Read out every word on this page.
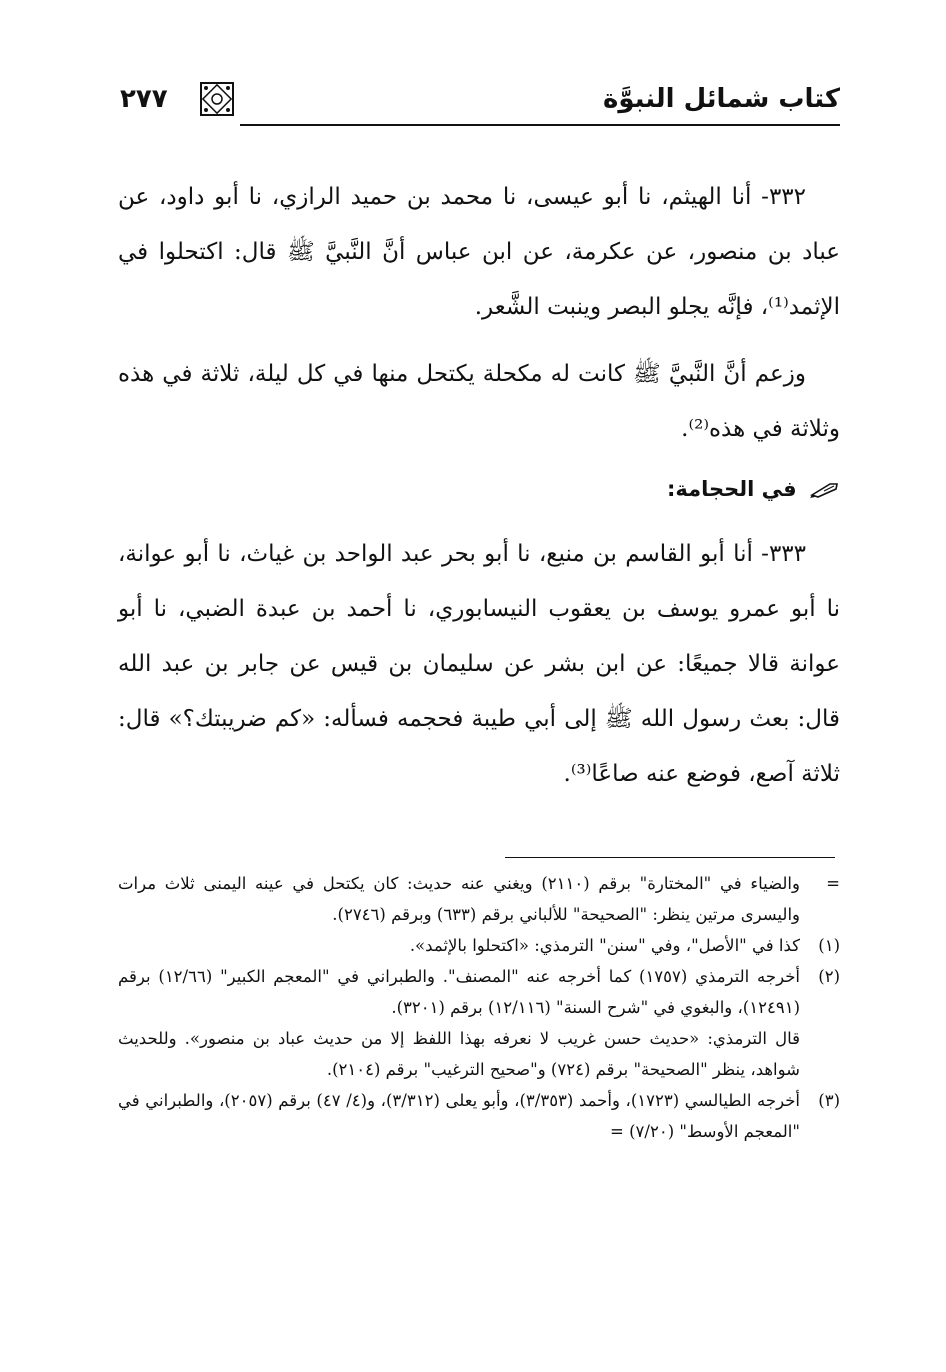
كتاب شمائل النبوَّة
٢٧٧

٣٣٢- أنا الهيثم، نا أبو عيسى، نا محمد بن حميد الرازي، نا أبو داود، عن عباد بن منصور، عن عكرمة، عن ابن عباس أنَّ النَّبيَّ ﷺ قال: اكتحلوا في الإثمد⁽¹⁾، فإنَّه يجلو البصر وينبت الشَّعر.

وزعم أنَّ النَّبيَّ ﷺ كانت له مكحلة يكتحل منها في كل ليلة، ثلاثة في هذه وثلاثة في هذه⁽²⁾.

في الحجامة:

٣٣٣- أنا أبو القاسم بن منيع، نا أبو بحر عبد الواحد بن غياث، نا أبو عوانة، نا أبو عمرو يوسف بن يعقوب النيسابوري، نا أحمد بن عبدة الضبي، نا أبو عوانة قالا جميعًا: عن ابن بشر عن سليمان بن قيس عن جابر بن عبد الله قال: بعث رسول الله ﷺ إلى أبي طيبة فحجمه فسأله: «كم ضريبتك؟» قال: ثلاثة آصع، فوضع عنه صاعًا⁽³⁾.

=

والضياء في "المختارة" برقم (٢١١٠) ويغني عنه حديث: كان يكتحل في عينه اليمنى ثلاث مرات واليسرى مرتين ينظر: "الصحيحة" للألباني برقم (٦٣٣) وبرقم (٢٧٤٦).

(١)

كذا في "الأصل"، وفي "سنن" الترمذي: «اكتحلوا بالإثمد».

(٢)

أخرجه الترمذي (١٧٥٧) كما أخرجه عنه "المصنف". والطبراني في "المعجم الكبير" (١٢/٦٦) برقم (١٢٤٩١)، والبغوي في "شرح السنة" (١٢/١١٦) برقم (٣٢٠١).

قال الترمذي: «حديث حسن غريب لا نعرفه بهذا اللفظ إلا من حديث عباد بن منصور». وللحديث شواهد، ينظر "الصحيحة" برقم (٧٢٤) و"صحيح الترغيب" برقم (٢١٠٤).

(٣)

أخرجه الطيالسي (١٧٢٣)، وأحمد (٣/٣٥٣)، وأبو يعلى (٣/٣١٢)، و(٤/ ٤٧) برقم (٢٠٥٧)، والطبراني في "المعجم الأوسط" (٧/٢٠) =
